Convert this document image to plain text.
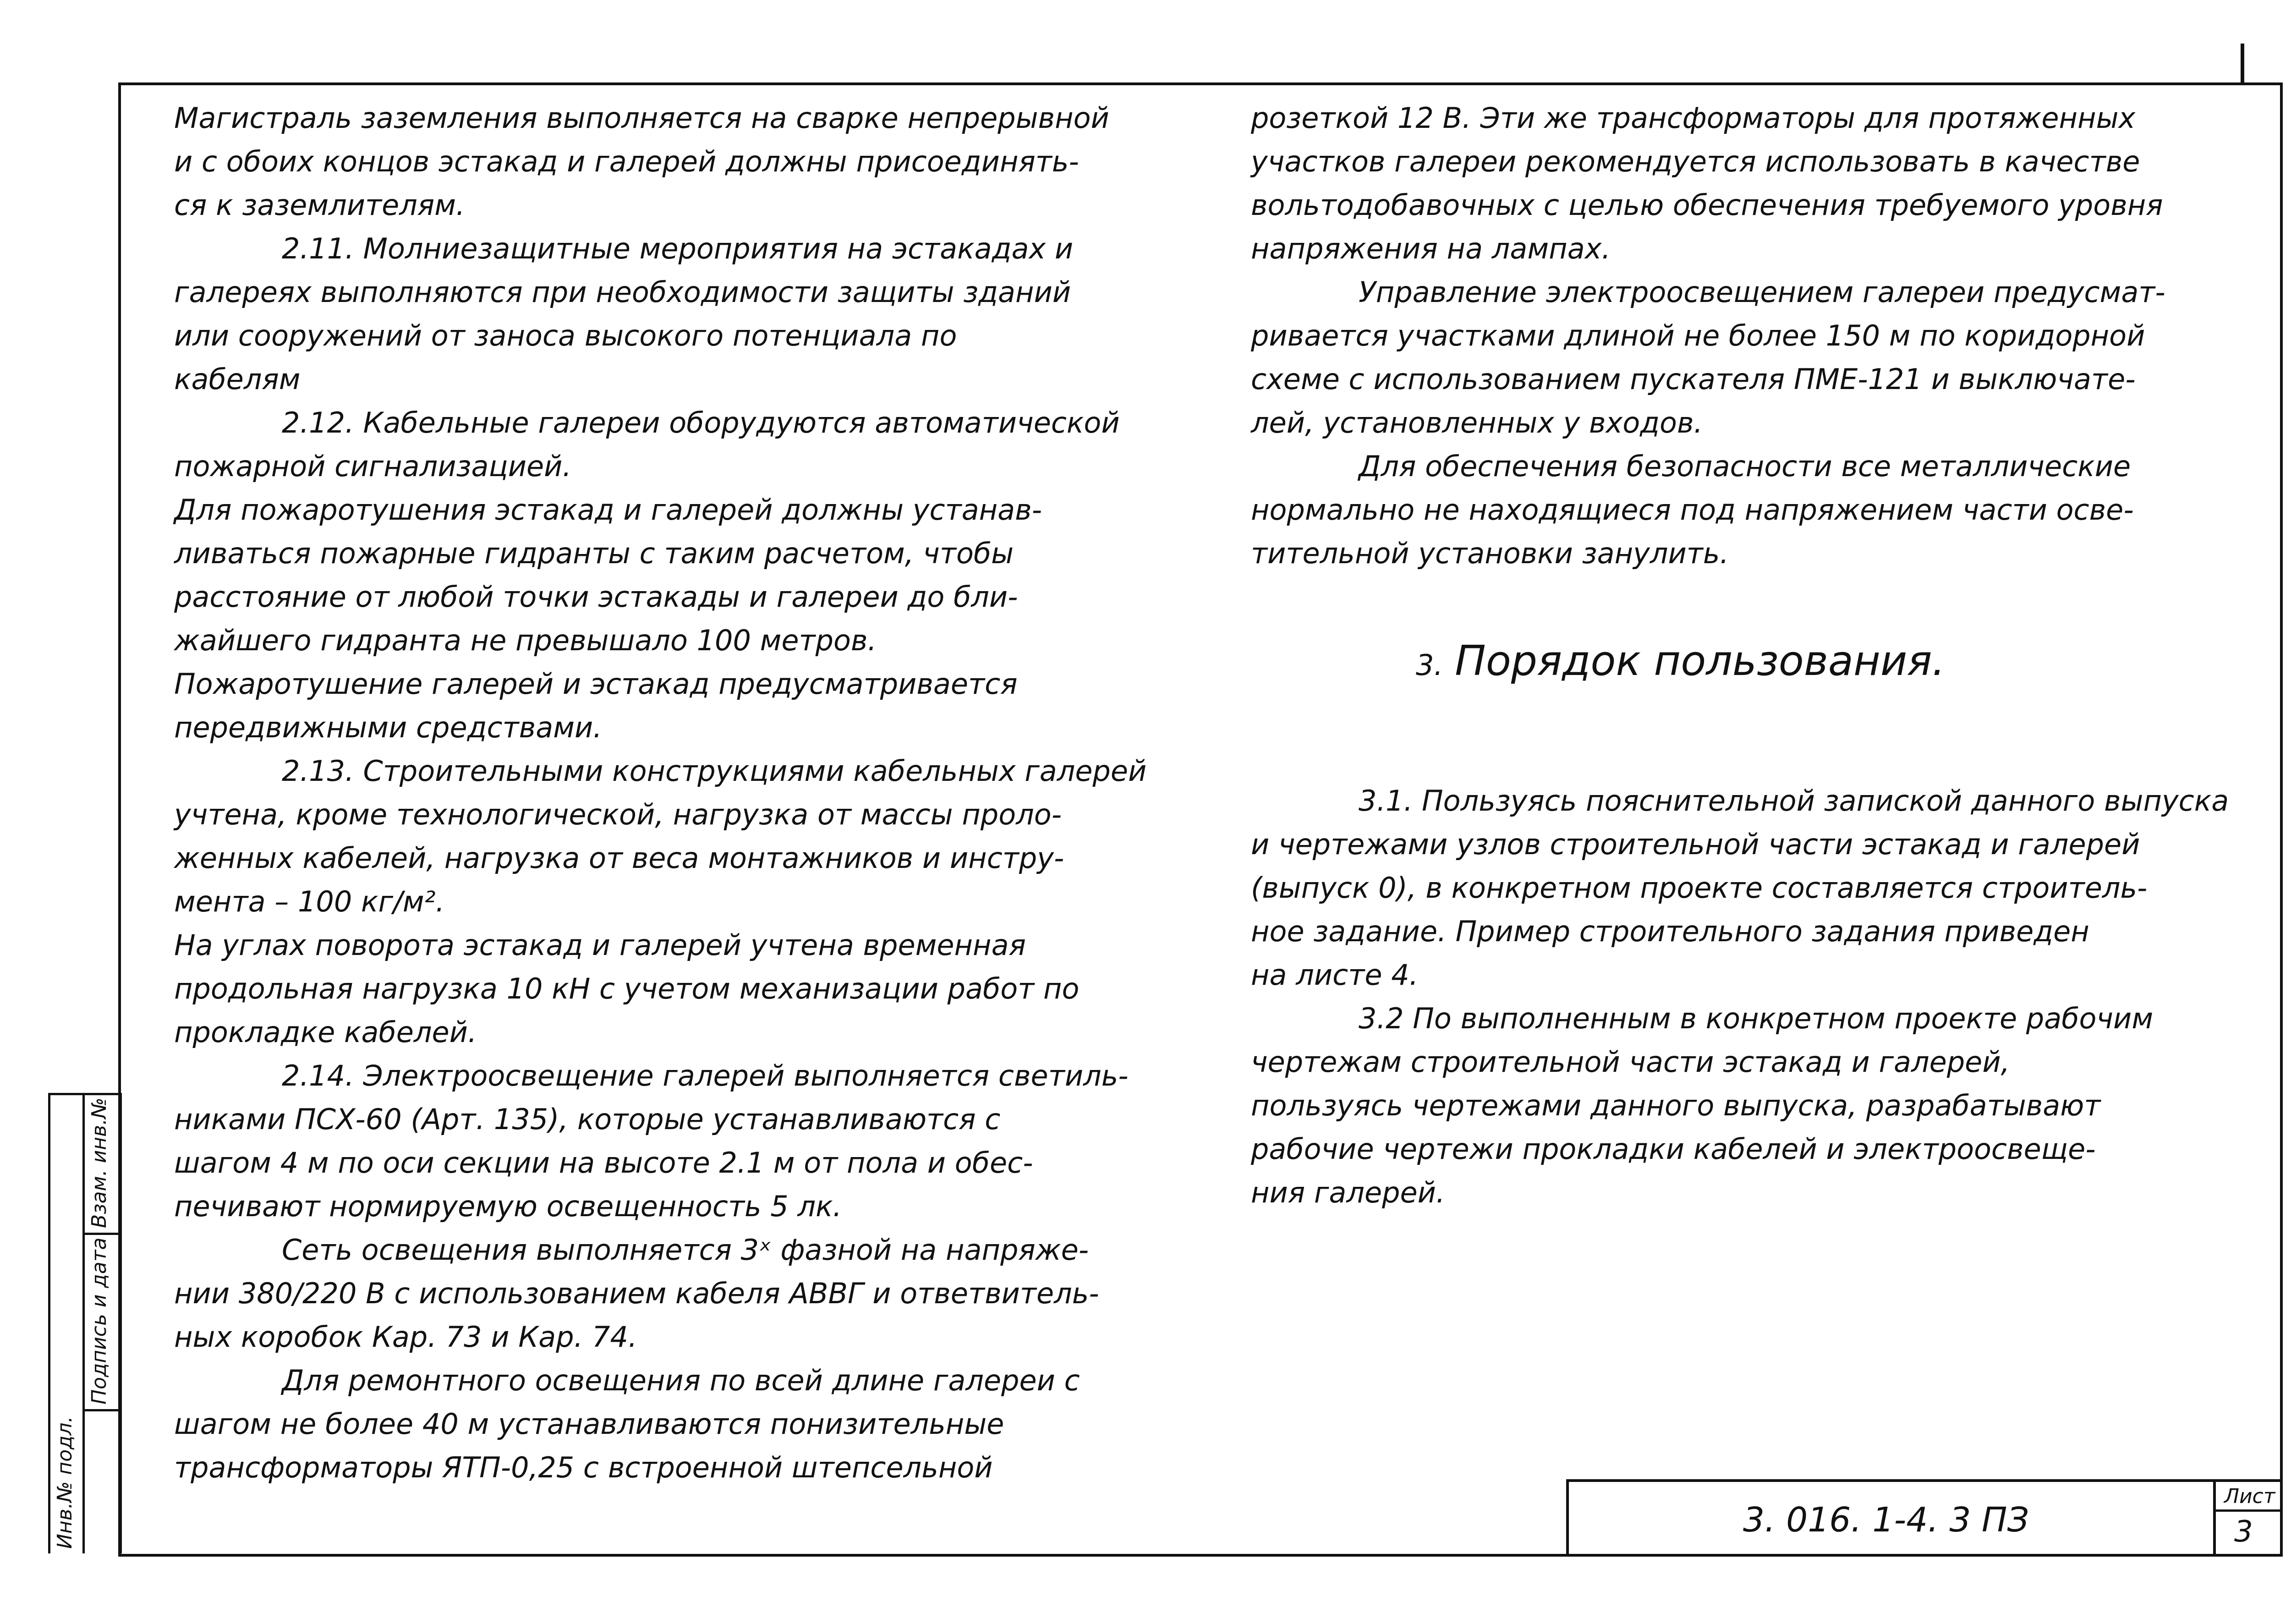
Инв.№ подл.
Взам. инв.№
Подпись и дата

Магистраль заземления выполняется на сварке непрерывной

и с обоих концов эстакад и галерей должны присоединять-

ся к заземлителям.

2.11. Молниезащитные мероприятия на эстакадах и

галереях выполняются при необходимости защиты зданий

или сооружений от заноса высокого потенциала по

кабелям

2.12. Кабельные галереи оборудуются автоматической

пожарной сигнализацией.

Для пожаротушения эстакад и галерей должны устанав-

ливаться пожарные гидранты с таким расчетом, чтобы

расстояние от любой точки эстакады и галереи до бли-

жайшего гидранта не превышало 100 метров.

Пожаротушение галерей и эстакад предусматривается

передвижными средствами.

2.13. Строительными конструкциями кабельных галерей

учтена, кроме технологической, нагрузка от массы проло-

женных кабелей, нагрузка от веса монтажников и инстру-

мента – 100 кг/м².

На углах поворота эстакад и галерей учтена временная

продольная нагрузка 10 кН с учетом механизации работ по

прокладке кабелей.

2.14. Электроосвещение галерей выполняется светиль-

никами ПСХ-60 (Арт. 135), которые устанавливаются с

шагом 4 м по оси секции на высоте 2.1 м от пола и обес-

печивают нормируемую освещенность 5 лк.

Сеть освещения выполняется 3ˣ фазной на напряже-

нии 380/220 В с использованием кабеля АВВГ и ответвитель-

ных коробок Кар. 73 и Кар. 74.

Для ремонтного освещения по всей длине галереи с

шагом не более 40 м устанавливаются понизительные

трансформаторы ЯТП-0,25 с встроенной штепсельной

розеткой 12 В. Эти же трансформаторы для протяженных

участков галереи рекомендуется использовать в качестве

вольтодобавочных с целью обеспечения требуемого уровня

напряжения на лампах.

Управление электроосвещением галереи предусмат-

ривается участками длиной не более 150 м по коридорной

схеме с использованием пускателя ПМЕ-121 и выключате-

лей, установленных у входов.

Для обеспечения безопасности все металлические

нормально не находящиеся под напряжением части осве-

тительной установки занулить.

3.1. Пользуясь пояснительной запиской данного выпуска

и чертежами узлов строительной части эстакад и галерей

(выпуск 0), в конкретном проекте составляется строитель-

ное задание. Пример строительного задания приведен

на листе 4.

3.2 По выполненным в конкретном проекте рабочим

чертежам строительной части эстакад и галерей,

пользуясь чертежами данного выпуска, разрабатывают

рабочие чертежи прокладки кабелей и электроосвеще-

ния галерей.

3. Порядок пользования.
3. 016. 1-4. 3 ПЗ
Лист
3
